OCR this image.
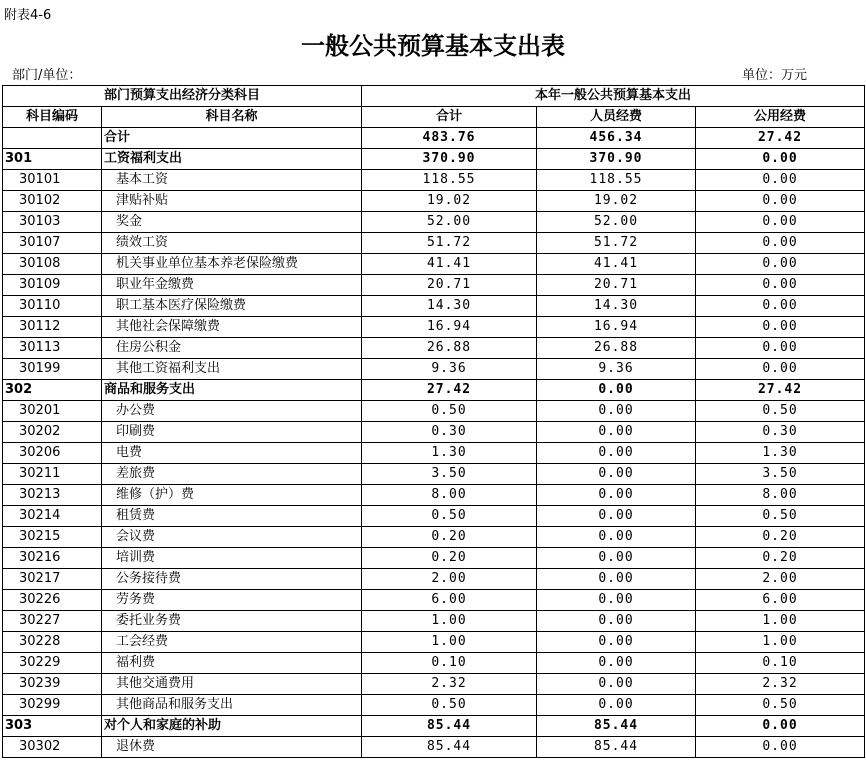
附表4-6
一般公共预算基本支出表
部门/单位：	单位：万元
部门预算支出经济分类科目		本年一般公共预算基本支出		
科目编码	科目名称	合计	人员经费	公用经费
	合计	483.76	456.34	27.42
301	工资福利支出	370.90	370.90	0.00
30101	基本工资	118.55	118.55	0.00
30102	津贴补贴	19.02	19.02	0.00
30103	奖金	52.00	52.00	0.00
30107	绩效工资	51.72	51.72	0.00
30108	机关事业单位基本养老保险缴费	41.41	41.41	0.00
30109	职业年金缴费	20.71	20.71	0.00
30110	职工基本医疗保险缴费	14.30	14.30	0.00
30112	其他社会保障缴费	16.94	16.94	0.00
30113	住房公积金	26.88	26.88	0.00
30199	其他工资福利支出	9.36	9.36	0.00
302	商品和服务支出	27.42	0.00	27.42
30201	办公费	0.50	0.00	0.50
30202	印刷费	0.30	0.00	0.30
30206	电费	1.30	0.00	1.30
30211	差旅费	3.50	0.00	3.50
30213	维修（护）费	8.00	0.00	8.00
30214	租赁费	0.50	0.00	0.50
30215	会议费	0.20	0.00	0.20
30216	培训费	0.20	0.00	0.20
30217	公务接待费	2.00	0.00	2.00
30226	劳务费	6.00	0.00	6.00
30227	委托业务费	1.00	0.00	1.00
30228	工会经费	1.00	0.00	1.00
30229	福利费	0.10	0.00	0.10
30239	其他交通费用	2.32	0.00	2.32
30299	其他商品和服务支出	0.50	0.00	0.50
303	对个人和家庭的补助	85.44	85.44	0.00
30302	退休费	85.44	85.44	0.00
